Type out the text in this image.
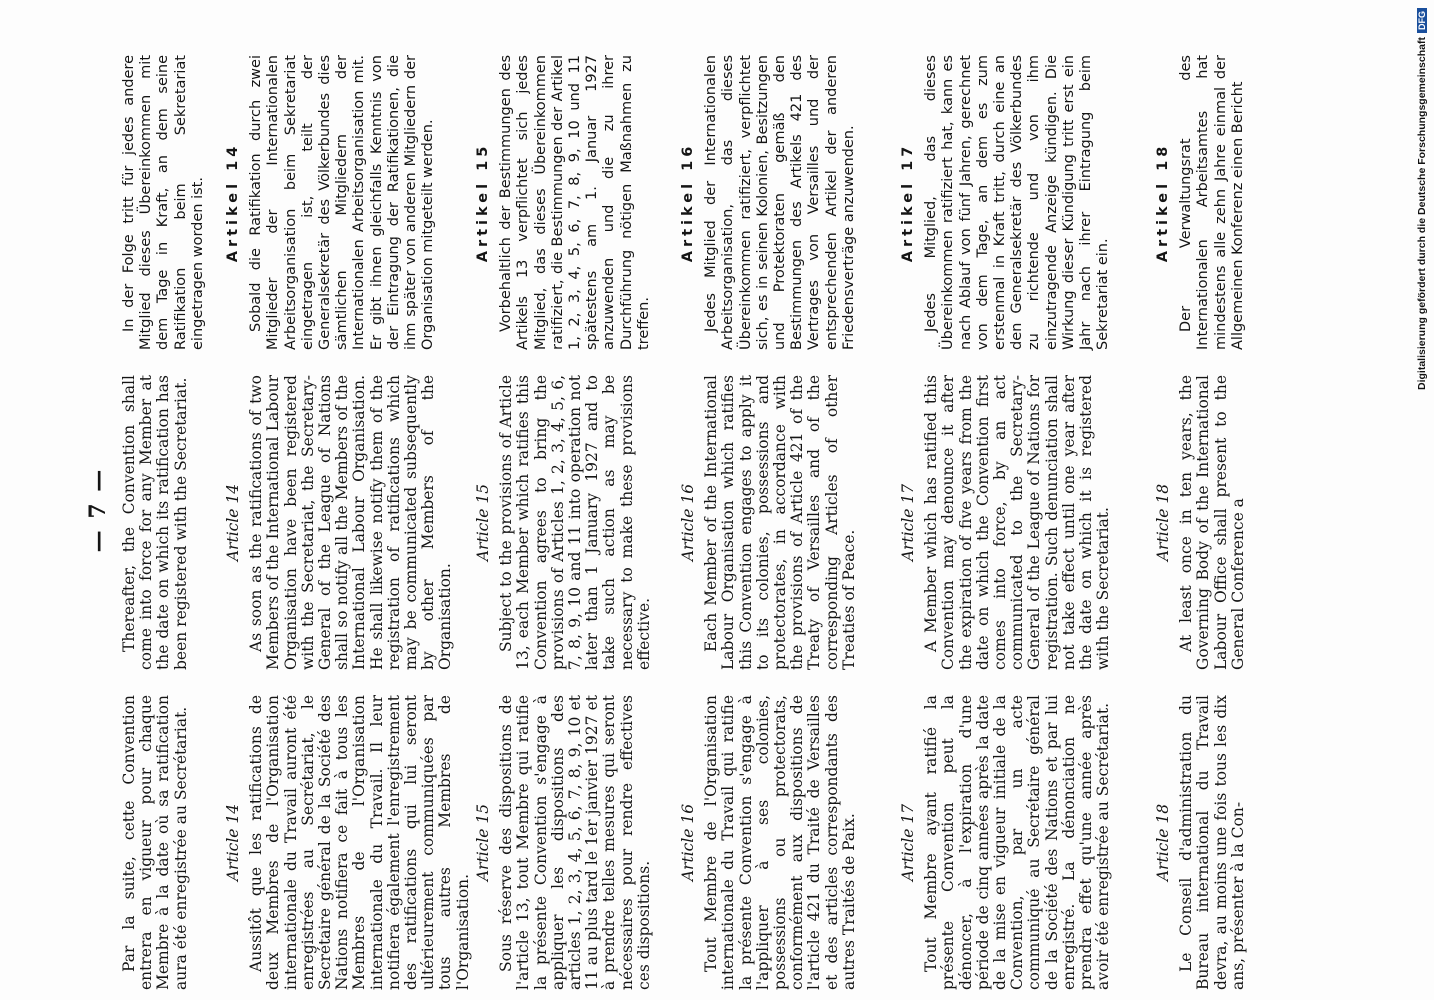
— 7 —
Par la suite, cette Convention entrera en vigueur pour chaque Membre à la date où sa ratification aura été enregistrée au Secrétariat.
Thereafter, the Convention shall come into force for any Member at the date on which its ratification has been registered with the Secretariat.
In der Folge tritt für jedes andere Mitglied dieses Übereinkommen mit dem Tage in Kraft, an dem seine Ratifikation beim Sekretariat eingetragen worden ist.
Article 14 Aussitôt que les ratifications de deux Membres de l'Organisation internationale du Travail auront été enregistrées au Secrétariat, le Secrétaire général de la Société des Nations notifiera ce fait à tous les Membres de l'Organisation internationale du Travail. Il leur notifiera également l'enregistrement des ratifications qui lui seront ultérieurement communiquées par tous autres Membres de l'Organisation.
Article 14 As soon as the ratifications of two Members of the International Labour Organisation have been registered with the Secretariat, the Secretary-General of the League of Nations shall so notify all the Members of the International Labour Organisation. He shall likewise notify them of the registration of ratifications which may be communicated subsequently by other Members of the Organisation.
Artikel 14 Sobald die Ratifikation durch zwei Mitglieder der Internationalen Arbeitsorganisation beim Sekretariat eingetragen ist, teilt der Generalsekretär des Völkerbundes dies sämtlichen Mitgliedern der Internationalen Arbeitsorganisation mit. Er gibt ihnen gleichfalls Kenntnis von der Eintragung der Ratifikationen, die ihm später von anderen Mitgliedern der Organisation mitgeteilt werden.
Article 15 Sous réserve des dispositions de l'article 13, tout Membre qui ratifie la présente Convention s'engage à appliquer les dispositions des articles 1, 2, 3, 4, 5, 6, 7, 8, 9, 10 et 11 au plus tard le 1er janvier 1927 et à prendre telles mesures qui seront nécessaires pour rendre effectives ces dispositions.
Article 15 Subject to the provisions of Article 13, each Member which ratifies this Convention agrees to bring the provisions of Articles 1, 2, 3, 4, 5, 6, 7, 8, 9, 10 and 11 into operation not later than 1 January 1927 and to take such action as may be necessary to make these provisions effective.
Artikel 15 Vorbehaltlich der Bestimmungen des Artikels 13 verpflichtet sich jedes Mitglied, das dieses Übereinkommen ratifiziert, die Bestimmungen der Artikel 1, 2, 3, 4, 5, 6, 7, 8, 9, 10 und 11 spätestens am 1. Januar 1927 anzuwenden und die zu ihrer Durchführung nötigen Maßnahmen zu treffen.
Article 16 Tout Membre de l'Organisation internationale du Travail qui ratifie la présente Convention s'engage à l'appliquer à ses colonies, possessions ou protectorats, conformément aux dispositions de l'article 421 du Traité de Versailles et des articles correspondants des autres Traités de Paix.
Article 16 Each Member of the International Labour Organisation which ratifies this Convention engages to apply it to its colonies, possessions and protectorates, in accordance with the provisions of Article 421 of the Treaty of Versailles and of the corresponding Articles of other Treaties of Peace.
Artikel 16 Jedes Mitglied der Internationalen Arbeitsorganisation, das dieses Übereinkommen ratifiziert, verpflichtet sich, es in seinen Kolonien, Besitzungen und Protektoraten gemäß den Bestimmungen des Artikels 421 des Vertrages von Versailles und der entsprechenden Artikel der anderen Friedensverträge anzuwenden.
Article 17 Tout Membre ayant ratifié la présente Convention peut la dénoncer, à l'expiration d'une période de cinq années après la date de la mise en vigueur initiale de la Convention, par un acte communiqué au Secrétaire général de la Société des Nations et par lui enregistré. La dénonciation ne prendra effet qu'une année après avoir été enregistrée au Secrétariat.
Article 17 A Member which has ratified this Convention may denounce it after the expiration of five years from the date on which the Convention first comes into force, by an act communicated to the Secretary-General of the League of Nations for registration. Such denunciation shall not take effect until one year after the date on which it is registered with the Secretariat.
Artikel 17 Jedes Mitglied, das dieses Übereinkommen ratifiziert hat, kann es nach Ablauf von fünf Jahren, gerechnet von dem Tage, an dem es zum erstenmal in Kraft tritt, durch eine an den Generalsekretär des Völkerbundes zu richtende und von ihm einzutragende Anzeige kündigen. Die Wirkung dieser Kündigung tritt erst ein Jahr nach ihrer Eintragung beim Sekretariat ein.
Article 18 Le Conseil d'administration du Bureau international du Travail devra, au moins une fois tous les dix ans, présenter à la Con-
Article 18 At least once in ten years, the Governing Body of the International Labour Office shall present to the General Conference a
Artikel 18 Der Verwaltungsrat des Internationalen Arbeitsamtes hat mindestens alle zehn Jahre einmal der Allgemeinen Konferenz einen Bericht	Digitalisierung gefördert durch die Deutsche ForschungsgemeinschaftDFG
